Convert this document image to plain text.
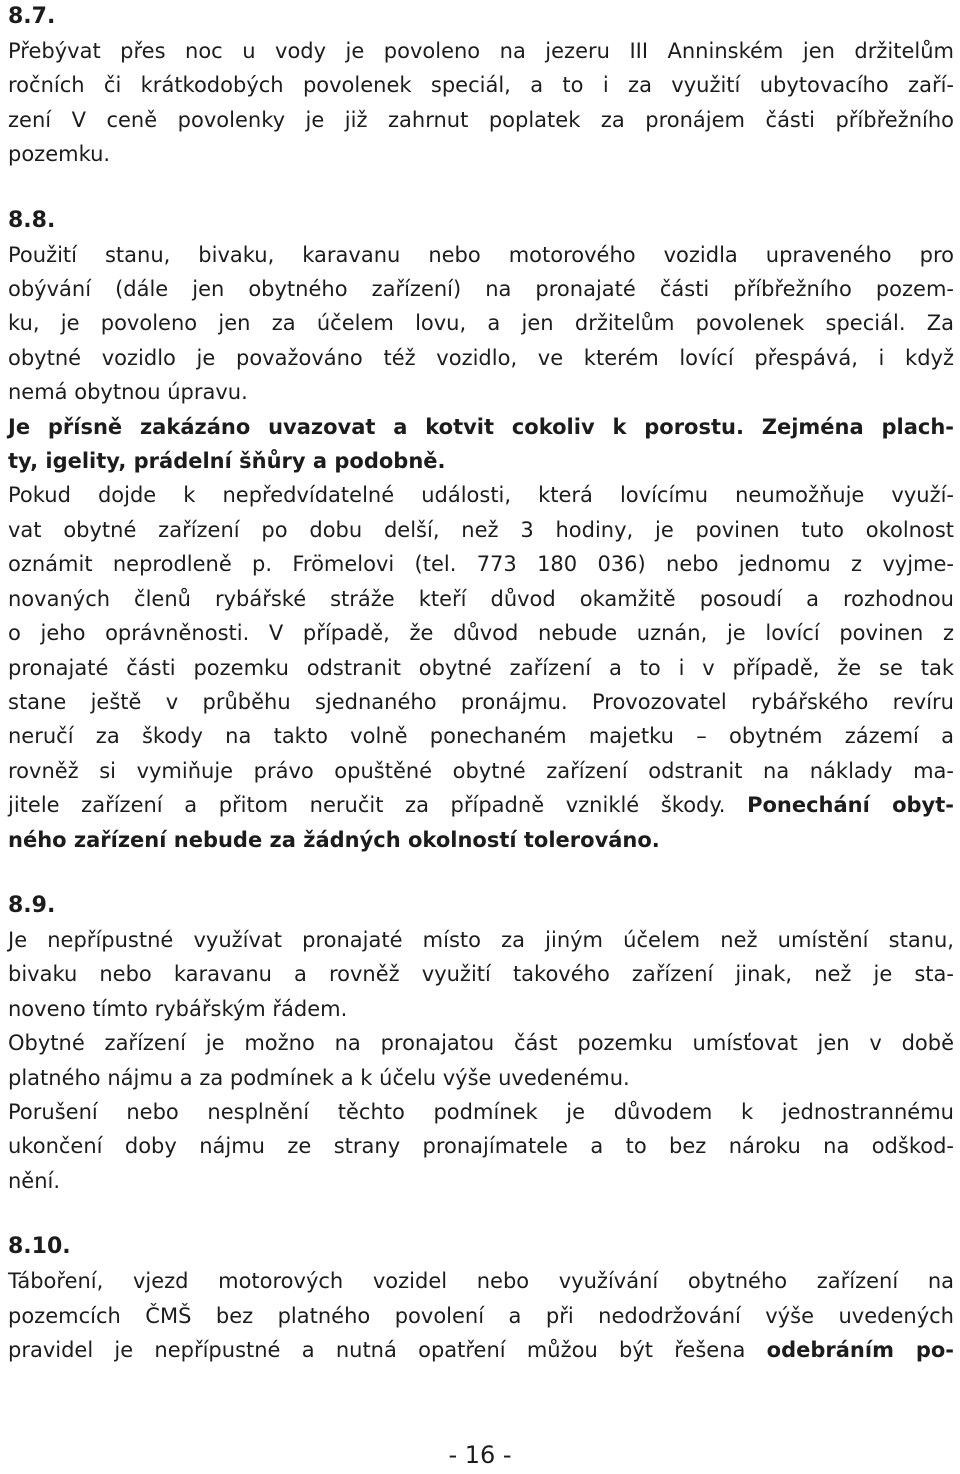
8.7.
Přebývat přes noc u vody je povoleno na jezeru III Anninském jen držitelům
ročních či krátkodobých povolenek speciál, a to i za využití ubytovacího zaří-
zení V ceně povolenky je již zahrnut poplatek za pronájem části příbřežního
pozemku.
8.8.
Použití stanu, bivaku, karavanu nebo motorového vozidla upraveného pro
obývání (dále jen obytného zařízení) na pronajaté části příbřežního pozem-
ku, je povoleno jen za účelem lovu, a jen držitelům povolenek speciál. Za
obytné vozidlo je považováno též vozidlo, ve kterém lovící přespává, i když
nemá obytnou úpravu.
Je přísně zakázáno uvazovat a kotvit cokoliv k porostu. Zejména plach-
ty, igelity, prádelní šňůry a podobně.
Pokud dojde k nepředvídatelné události, která lovícímu neumožňuje využí-
vat obytné zařízení po dobu delší, než 3 hodiny, je povinen tuto okolnost
oznámit neprodleně p. Frömelovi (tel. 773 180 036) nebo jednomu z vyjme-
novaných členů rybářské stráže kteří důvod okamžitě posoudí a rozhodnou
o jeho oprávněnosti. V případě, že důvod nebude uznán, je lovící povinen z
pronajaté části pozemku odstranit obytné zařízení a to i v případě, že se tak
stane ještě v průběhu sjednaného pronájmu. Provozovatel rybářského revíru
neručí za škody na takto volně ponechaném majetku – obytném zázemí a
rovněž si vymiňuje právo opuštěné obytné zařízení odstranit na náklady ma-
jitele zařízení a přitom neručit za případně vzniklé škody. Ponechání obyt-
ného zařízení nebude za žádných okolností tolerováno.
8.9.
Je nepřípustné využívat pronajaté místo za jiným účelem než umístění stanu,
bivaku nebo karavanu a rovněž využití takového zařízení jinak, než je sta-
noveno tímto rybářským řádem.
Obytné zařízení je možno na pronajatou část pozemku umísťovat jen v době
platného nájmu a za podmínek a k účelu výše uvedenému.
Porušení nebo nesplnění těchto podmínek je důvodem k jednostrannému
ukončení doby nájmu ze strany pronajímatele a to bez nároku na odškod-
nění.
8.10.
Táboření, vjezd motorových vozidel nebo využívání obytného zařízení na
pozemcích ČMŠ bez platného povolení a při nedodržování výše uvedených
pravidel je nepřípustné a nutná opatření můžou být řešena odebráním po-
- 16 -
